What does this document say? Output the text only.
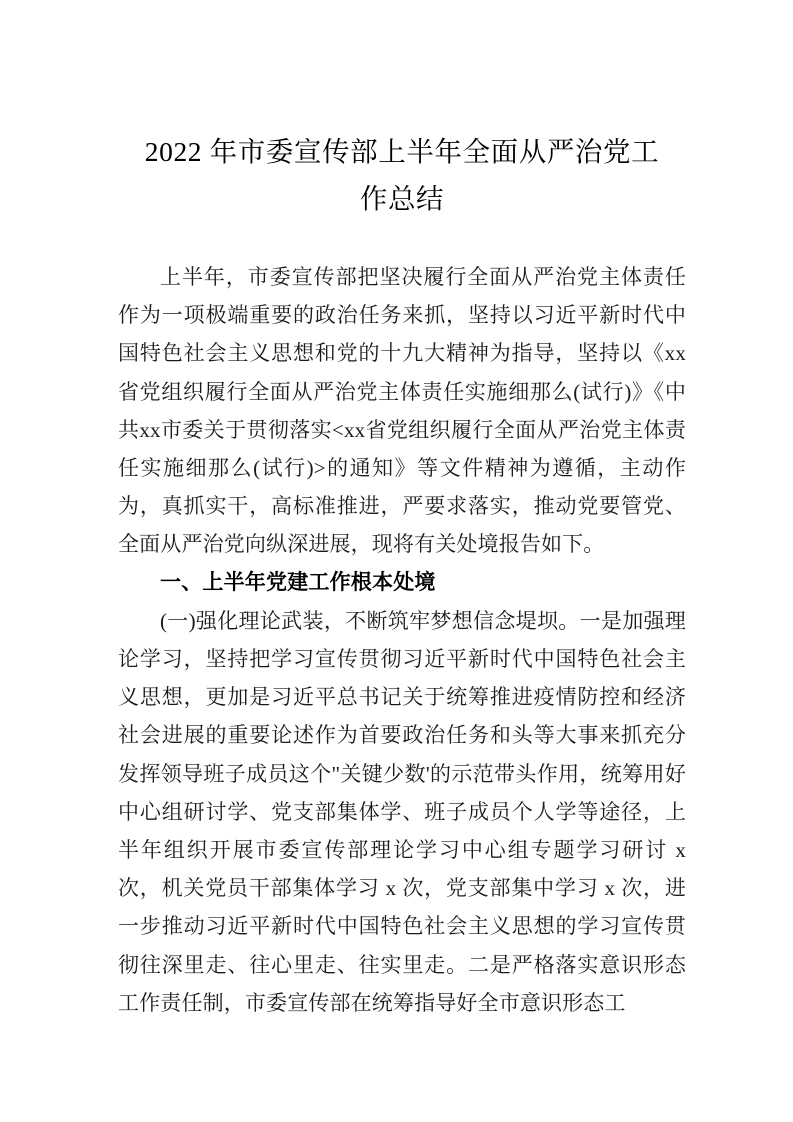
2022 年市委宣传部上半年全面从严治党工
作总结

上半年，市委宣传部把坚决履行全面从严治党主体责任作为一项极端重要的政治任务来抓，坚持以习近平新时代中国特色社会主义思想和党的十九大精神为指导，坚持以《xx省党组织履行全面从严治党主体责任实施细那么(试行)》《中共xx市委关于贯彻落实<xx省党组织履行全面从严治党主体责任实施细那么(试行)>的通知》等文件精神为遵循，主动作为，真抓实干，高标准推进，严要求落实，推动党要管党、全面从严治党向纵深进展，现将有关处境报告如下。

一、上半年党建工作根本处境

(一)强化理论武装，不断筑牢梦想信念堤坝。一是加强理论学习，坚持把学习宣传贯彻习近平新时代中国特色社会主义思想，更加是习近平总书记关于统筹推进疫情防控和经济社会进展的重要论述作为首要政治任务和头等大事来抓充分发挥领导班子成员这个"关键少数'的示范带头作用，统筹用好中心组研讨学、党支部集体学、班子成员个人学等途径，上半年组织开展市委宣传部理论学习中心组专题学习研讨 x 次，机关党员干部集体学习 x 次，党支部集中学习 x 次，进一步推动习近平新时代中国特色社会主义思想的学习宣传贯彻往深里走、往心里走、往实里走。二是严格落实意识形态工作责任制，市委宣传部在统筹指导好全市意识形态工
